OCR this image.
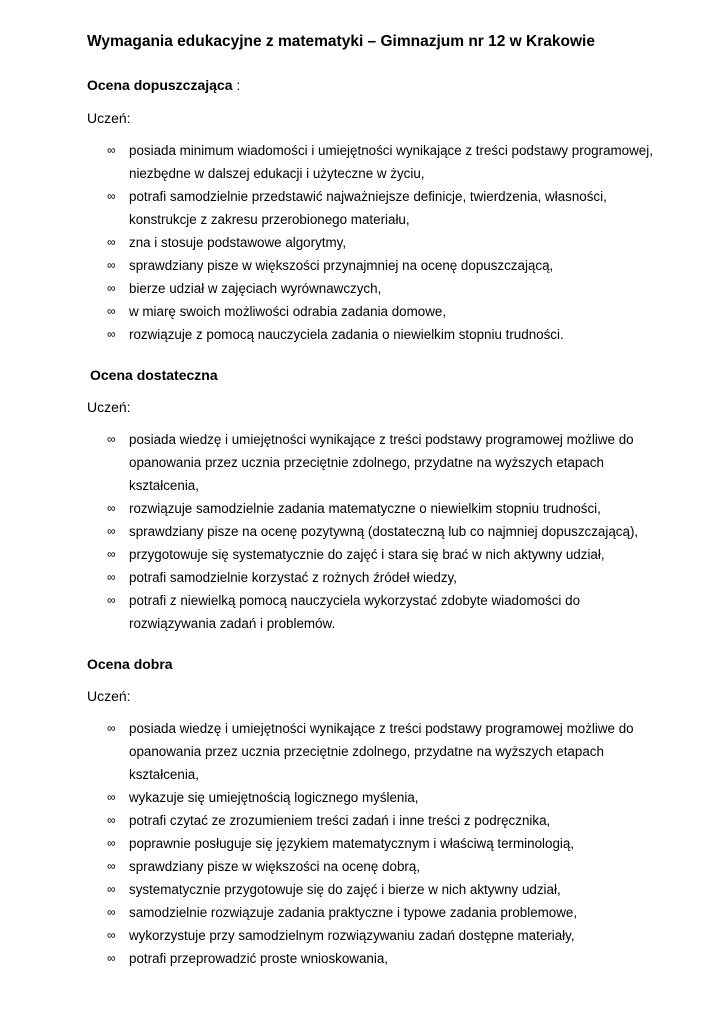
Wymagania edukacyjne z matematyki – Gimnazjum nr 12 w Krakowie
Ocena dopuszczająca :
Uczeń:
∞ posiada minimum wiadomości i umiejętności wynikające z treści podstawy programowej, niezbędne w dalszej edukacji i użyteczne w życiu,
∞ potrafi samodzielnie przedstawić najważniejsze definicje, twierdzenia, własności, konstrukcje z zakresu przerobionego materiału,
∞ zna i stosuje podstawowe algorytmy,
∞ sprawdziany pisze w większości przynajmniej na ocenę dopuszczającą,
∞ bierze udział w zajęciach wyrównawczych,
∞ w miarę swoich możliwości odrabia zadania domowe,
∞ rozwiązuje z pomocą nauczyciela zadania o niewielkim stopniu trudności.
Ocena dostateczna
Uczeń:
∞ posiada wiedzę i umiejętności wynikające z treści podstawy programowej możliwe do opanowania przez ucznia przeciętnie zdolnego, przydatne na wyższych etapach kształcenia,
∞ rozwiązuje samodzielnie zadania matematyczne o niewielkim stopniu trudności,
∞ sprawdziany pisze na ocenę pozytywną (dostateczną lub co najmniej dopuszczającą),
∞ przygotowuje się systematycznie do zajęć i stara się brać w nich aktywny udział,
∞ potrafi samodzielnie korzystać z rożnych źródeł wiedzy,
∞ potrafi z niewielką pomocą nauczyciela wykorzystać zdobyte wiadomości do rozwiązywania zadań i problemów.
Ocena dobra
Uczeń:
∞ posiada wiedzę i umiejętności wynikające z treści podstawy programowej możliwe do opanowania przez ucznia przeciętnie zdolnego, przydatne na wyższych etapach kształcenia,
∞ wykazuje się umiejętnością logicznego myślenia,
∞ potrafi czytać ze zrozumieniem treści zadań i inne treści z podręcznika,
∞ poprawnie posługuje się językiem matematycznym i właściwą terminologią,
∞ sprawdziany pisze w większości na ocenę dobrą,
∞ systematycznie przygotowuje się do zajęć i bierze w nich aktywny udział,
∞ samodzielnie rozwiązuje zadania praktyczne i typowe zadania problemowe,
∞ wykorzystuje przy samodzielnym rozwiązywaniu zadań dostępne materiały,
∞ potrafi przeprowadzić proste wnioskowania,
